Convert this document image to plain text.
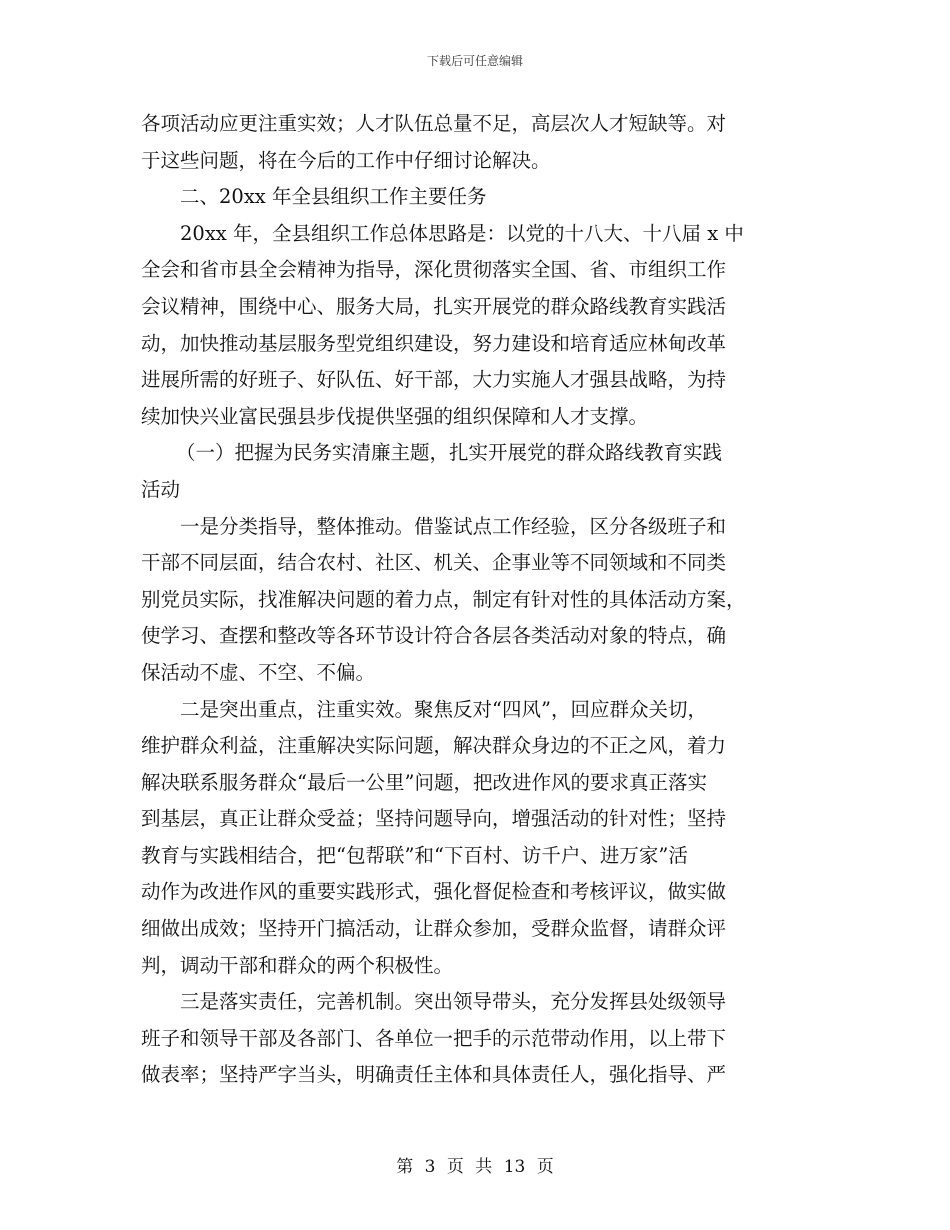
下载后可任意编辑

各项活动应更注重实效；人才队伍总量不足，高层次人才短缺等。对
于这些问题，将在今后的工作中仔细讨论解决。

二、20xx 年全县组织工作主要任务

20xx 年，全县组织工作总体思路是：以党的十八大、十八届 x 中
全会和省市县全会精神为指导，深化贯彻落实全国、省、市组织工作
会议精神，围绕中心、服务大局，扎实开展党的群众路线教育实践活
动，加快推动基层服务型党组织建设，努力建设和培育适应林甸改革
进展所需的好班子、好队伍、好干部，大力实施人才强县战略，为持
续加快兴业富民强县步伐提供坚强的组织保障和人才支撑。

（一）把握为民务实清廉主题，扎实开展党的群众路线教育实践
活动

一是分类指导，整体推动。借鉴试点工作经验，区分各级班子和
干部不同层面，结合农村、社区、机关、企事业等不同领域和不同类
别党员实际，找准解决问题的着力点，制定有针对性的具体活动方案，
使学习、查摆和整改等各环节设计符合各层各类活动对象的特点，确
保活动不虚、不空、不偏。

二是突出重点，注重实效。聚焦反对“四风”，回应群众关切，
维护群众利益，注重解决实际问题，解决群众身边的不正之风，着力
解决联系服务群众“最后一公里”问题，把改进作风的要求真正落实
到基层，真正让群众受益；坚持问题导向，增强活动的针对性；坚持
教育与实践相结合，把“包帮联”和“下百村、访千户、进万家”活
动作为改进作风的重要实践形式，强化督促检查和考核评议，做实做
细做出成效；坚持开门搞活动，让群众参加，受群众监督，请群众评
判，调动干部和群众的两个积极性。

三是落实责任，完善机制。突出领导带头，充分发挥县处级领导
班子和领导干部及各部门、各单位一把手的示范带动作用，以上带下
做表率；坚持严字当头，明确责任主体和具体责任人，强化指导、严

第 3 页 共 13 页
